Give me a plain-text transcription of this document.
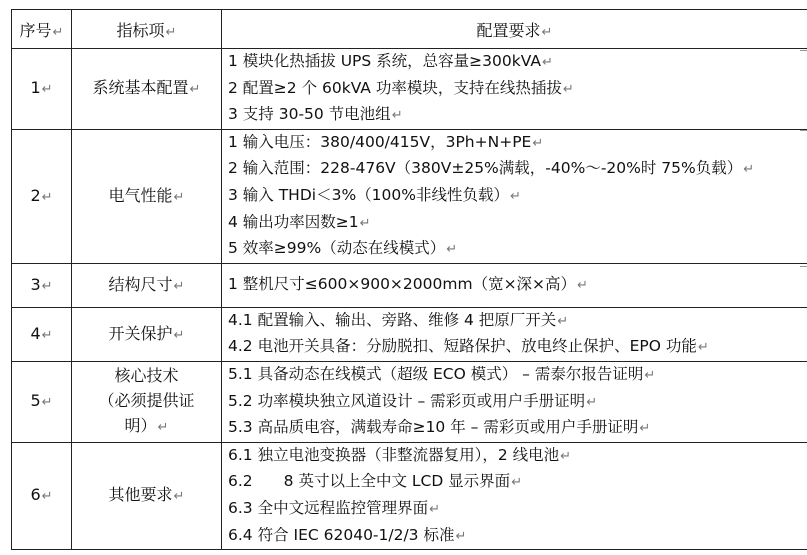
序号↵	指标项↵	配置要求↵
1↵	系统基本配置↵	1 模块化热插拔 UPS 系统，总容量≥300kVA↵
2 配置≥2 个 60kVA 功率模块，支持在线热插拔↵
3 支持 30-50 节电池组↵

2↵	电气性能↵	1 输入电压：380/400/415V，3Ph+N+PE↵
2 输入范围：228-476V（380V±25%满载，-40%～-20%时 75%负载）↵
3 输入 THDi＜3%（100%非线性负载）↵
4 输出功率因数≥1↵
5 效率≥99%（动态在线模式）↵

3↵	结构尺寸↵	1 整机尺寸≤600×900×2000mm（宽×深×高）↵

4↵	开关保护↵	4.1 配置输入、输出、旁路、维修 4 把原厂开关↵
4.2 电池开关具备：分励脱扣、短路保护、放电终止保护、EPO 功能↵

5↵	核心技术
（必须提供证
明）↵	5.1 具备动态在线模式（超级 ECO 模式） – 需泰尔报告证明↵
5.2 功率模块独立风道设计 – 需彩页或用户手册证明↵
5.3 高品质电容，满载寿命≥10 年 – 需彩页或用户手册证明↵

6↵	其他要求↵	6.1 独立电池变换器（非整流器复用），2 线电池↵
6.2　　8 英寸以上全中文 LCD 显示界面↵
6.3 全中文远程监控管理界面↵
6.4 符合 IEC 62040-1/2/3 标准↵
